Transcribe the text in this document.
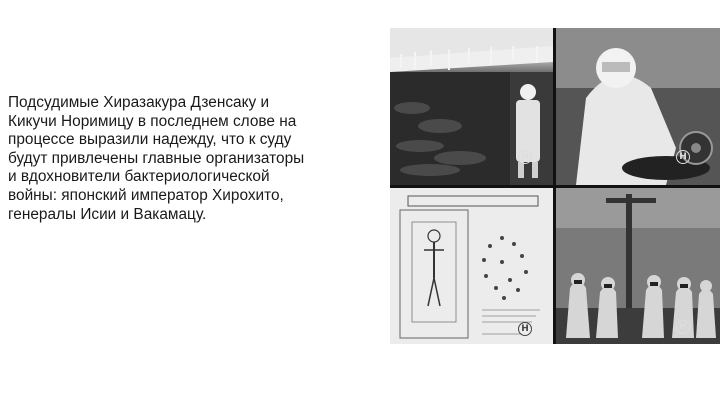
Подсудимые Хиразакура Дзенсаку и
Кикучи Норимицу в последнем слове на
процессе выразили надежду, что к суду
будут привлечены главные организаторы
и вдохновители бактериологической
войны: японский император Хирохито,
генералы Исии и Вакамацу.
H	H
H	H
